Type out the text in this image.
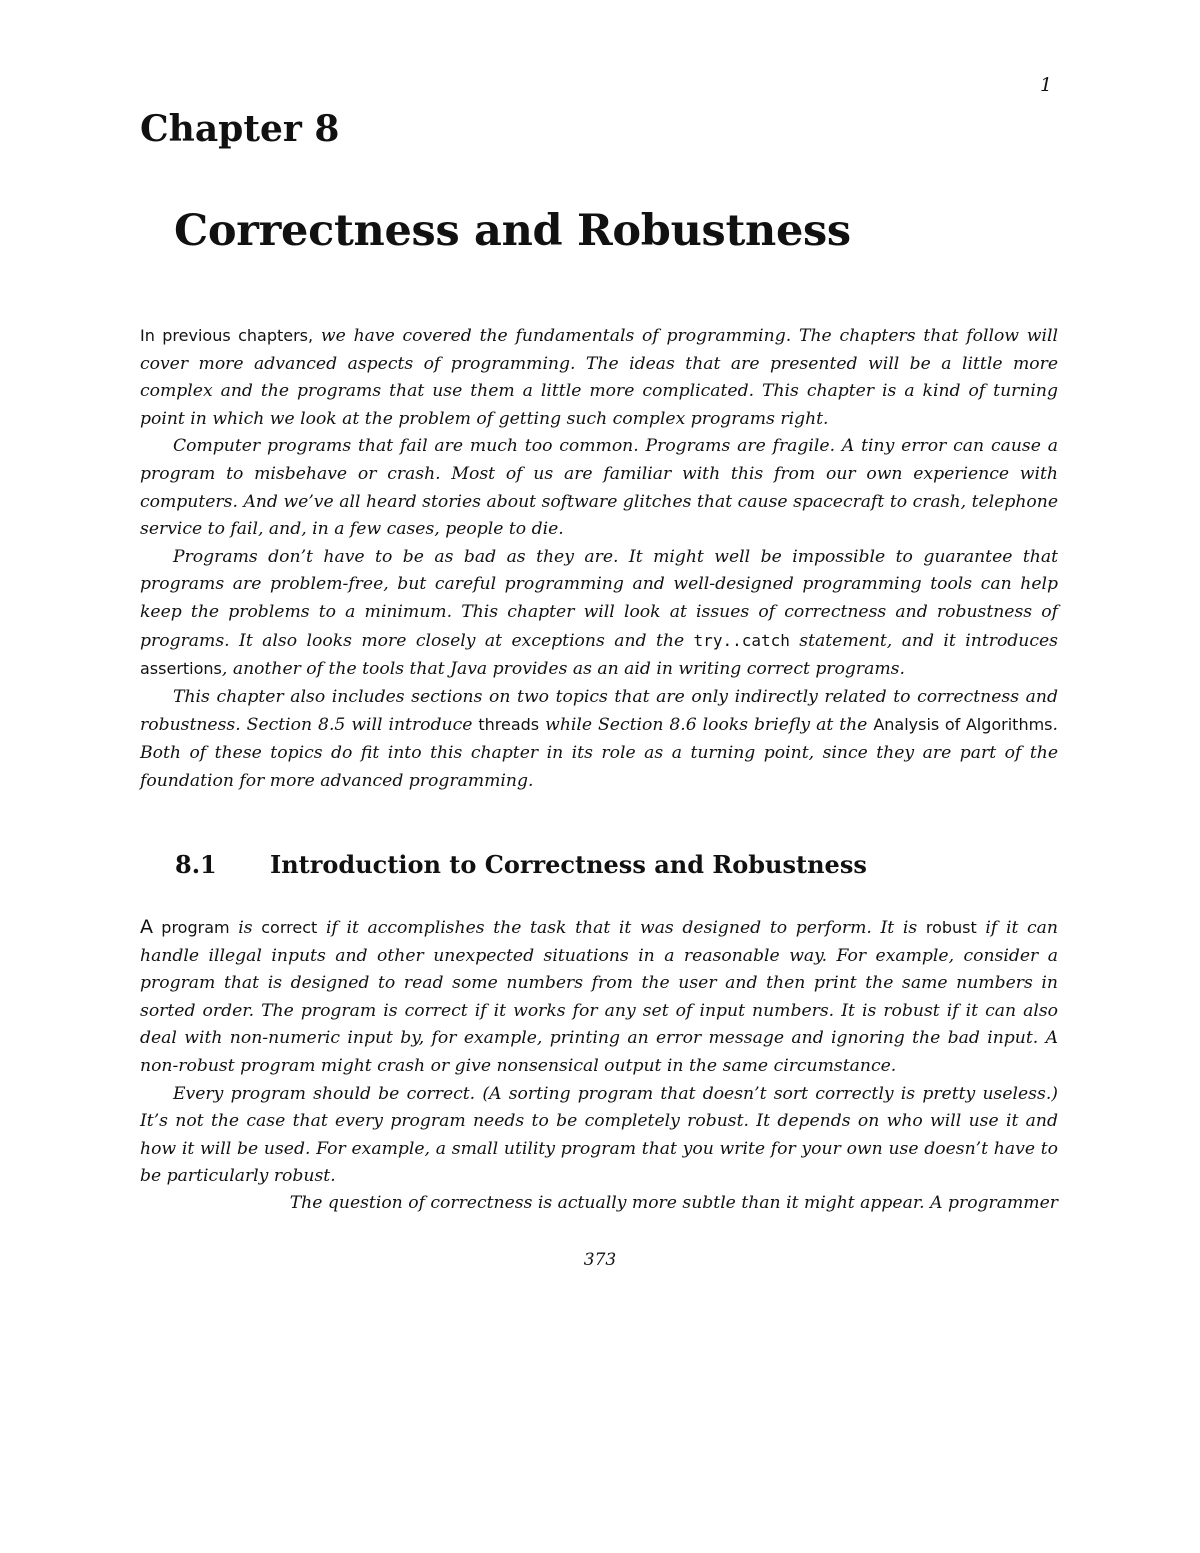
1
Chapter 8
Correctness and Robustness

In previous chapters, we have covered the fundamentals of programming. The chapters that follow will cover more advanced aspects of programming. The ideas that are presented will be a little more complex and the programs that use them a little more complicated. This chapter is a kind of turning point in which we look at the problem of getting such complex programs right.

Computer programs that fail are much too common. Programs are fragile. A tiny error can cause a program to misbehave or crash. Most of us are familiar with this from our own experience with computers. And we’ve all heard stories about software glitches that cause spacecraft to crash, telephone service to fail, and, in a few cases, people to die.

Programs don’t have to be as bad as they are. It might well be impossible to guarantee that programs are problem-free, but careful programming and well-designed programming tools can help keep the problems to a minimum. This chapter will look at issues of correctness and robustness of programs. It also looks more closely at exceptions and the try..catch statement, and it introduces assertions, another of the tools that Java provides as an aid in writing correct programs.

This chapter also includes sections on two topics that are only indirectly related to correctness and robustness. Section 8.5 will introduce threads while Section 8.6 looks briefly at the Analysis of Algorithms. Both of these topics do fit into this chapter in its role as a turning point, since they are part of the foundation for more advanced programming.

8.1 Introduction to Correctness and Robustness

A program is correct if it accomplishes the task that it was designed to perform. It is robust if it can handle illegal inputs and other unexpected situations in a reasonable way. For example, consider a program that is designed to read some numbers from the user and then print the same numbers in sorted order. The program is correct if it works for any set of input numbers. It is robust if it can also deal with non-numeric input by, for example, printing an error message and ignoring the bad input. A non-robust program might crash or give nonsensical output in the same circumstance.

Every program should be correct. (A sorting program that doesn’t sort correctly is pretty useless.) It’s not the case that every program needs to be completely robust. It depends on who will use it and how it will be used. For example, a small utility program that you write for your own use doesn’t have to be particularly robust.

The question of correctness is actually more subtle than it might appear. A programmer

373
